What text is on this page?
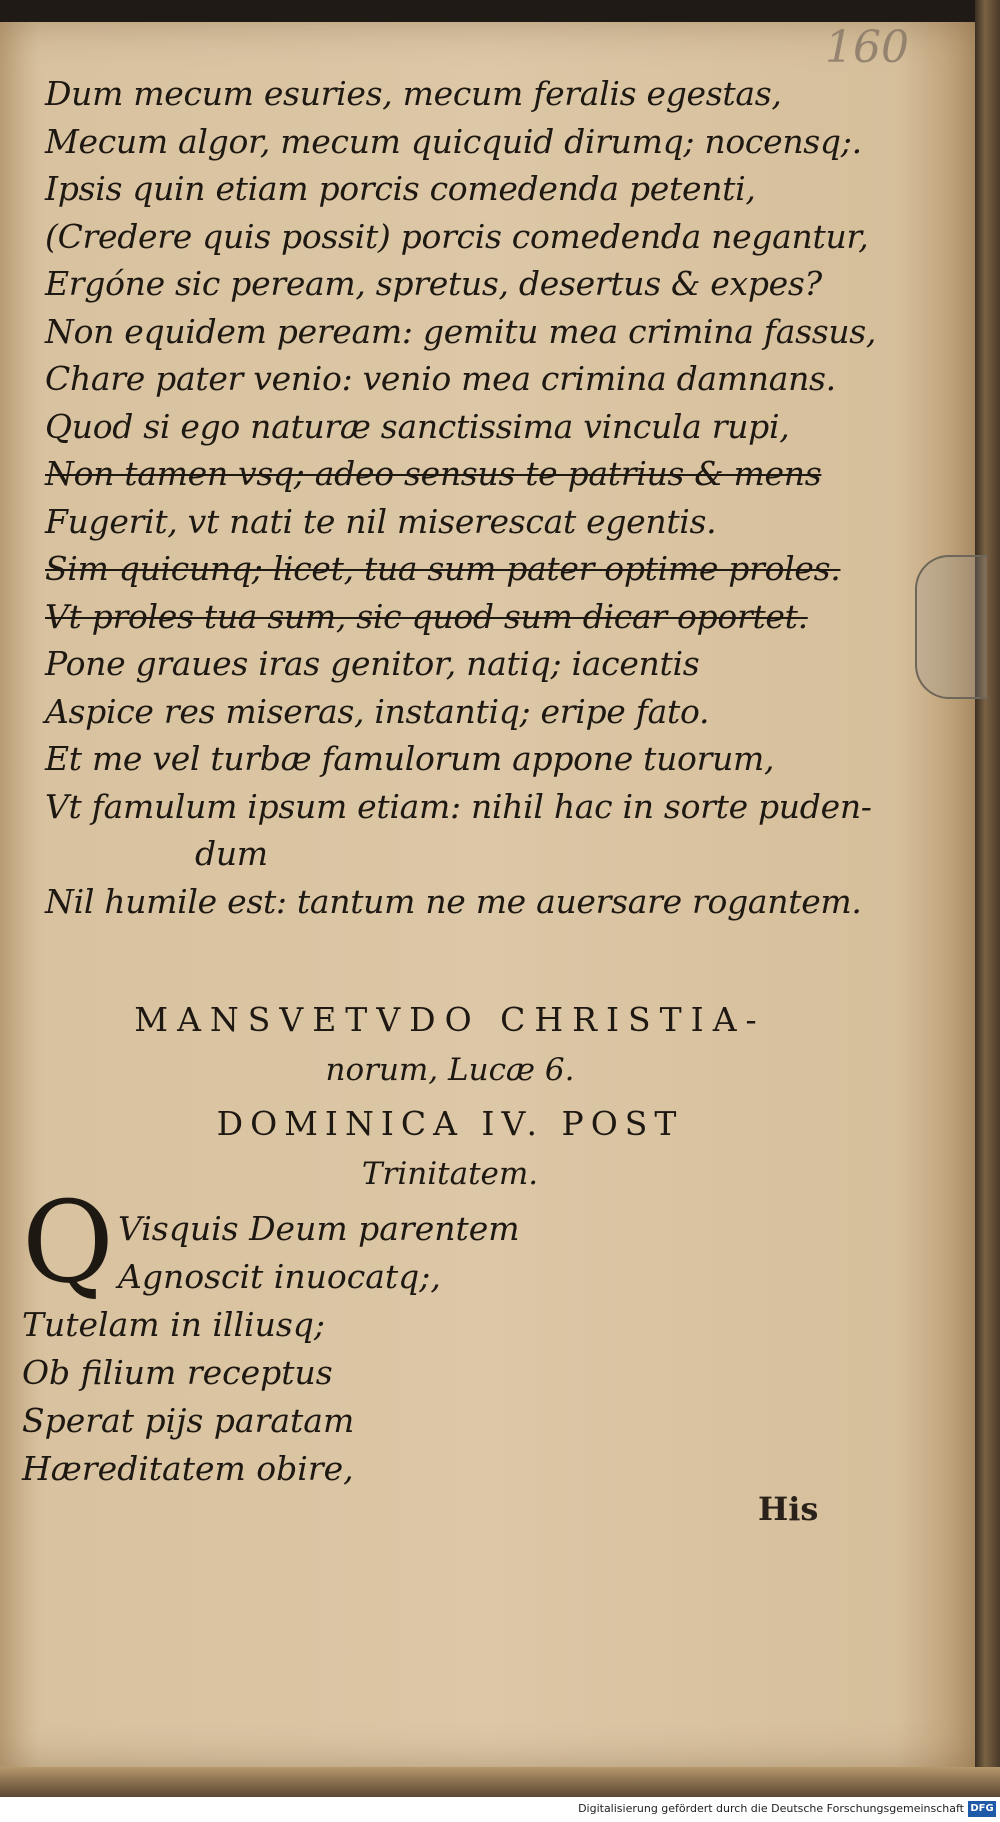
160
Dum mecum esuries, mecum feralis egestas,
Mecum algor, mecum quicquid dirumq; nocensq;.
Ipsis quin etiam porcis comedenda petenti,
(Credere quis possit) porcis comedenda negantur,
Ergóne sic peream, spretus, desertus & expes?
Non equidem peream: gemitu mea crimina fassus,
Chare pater venio: venio mea crimina damnans.
Quod si ego naturæ sanctissima vincula rupi,
Non tamen vsq; adeo sensus te patrius & mens
Fugerit, vt nati te nil miserescat egentis.
Sim quicunq; licet, tua sum pater optime proles.
Vt proles tua sum, sic quod sum dicar oportet.
Pone graues iras genitor, natiq; iacentis
Aspice res miseras, instantiq; eripe fato.
Et me vel turbæ famulorum appone tuorum,
Vt famulum ipsum etiam: nihil hac in sorte puden-
dum
Nil humile est: tantum ne me auersare rogantem.
MANSVETVDO CHRISTIA-
norum, Lucæ 6.
DOMINICA IV. POST
Trinitatem.
Q Visquis Deum parentem
Agnoscit inuocatq;,
Tutelam in illiusq;
Ob filium receptus
Sperat pijs paratam
Hæreditatem obire,
His
Digitalisierung gefördert durch die Deutsche Forschungsgemeinschaft DFG
